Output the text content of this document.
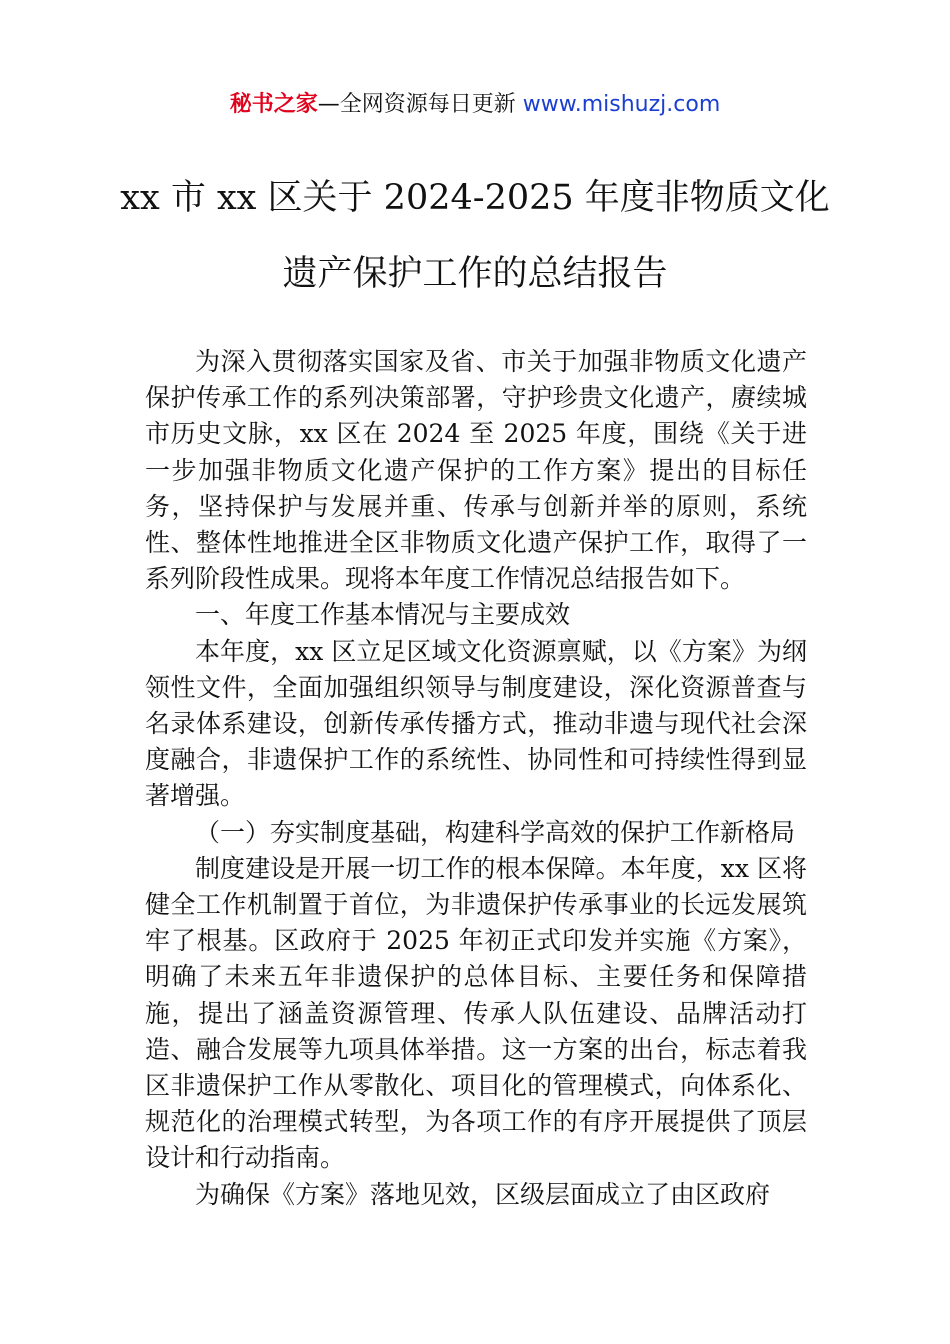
秘书之家—全网资源每日更新 www.mishuzj.com
xx 市 xx 区关于 2024-2025 年度非物质文化
遗产保护工作的总结报告

为深入贯彻落实国家及省、市关于加强非物质文化遗产保护传承工作的系列决策部署，守护珍贵文化遗产，赓续城市历史文脉，xx 区在 2024 至 2025 年度，围绕《关于进一步加强非物质文化遗产保护的工作方案》提出的目标任务，坚持保护与发展并重、传承与创新并举的原则，系统性、整体性地推进全区非物质文化遗产保护工作，取得了一系列阶段性成果。现将本年度工作情况总结报告如下。

一、年度工作基本情况与主要成效

本年度，xx 区立足区域文化资源禀赋，以《方案》为纲领性文件，全面加强组织领导与制度建设，深化资源普查与名录体系建设，创新传承传播方式，推动非遗与现代社会深度融合，非遗保护工作的系统性、协同性和可持续性得到显著增强。

（一）夯实制度基础，构建科学高效的保护工作新格局

制度建设是开展一切工作的根本保障。本年度，xx 区将健全工作机制置于首位，为非遗保护传承事业的长远发展筑牢了根基。区政府于 2025 年初正式印发并实施《方案》，明确了未来五年非遗保护的总体目标、主要任务和保障措施，提出了涵盖资源管理、传承人队伍建设、品牌活动打造、融合发展等九项具体举措。这一方案的出台，标志着我区非遗保护工作从零散化、项目化的管理模式，向体系化、规范化的治理模式转型，为各项工作的有序开展提供了顶层设计和行动指南。

为确保《方案》落地见效，区级层面成立了由区政府
